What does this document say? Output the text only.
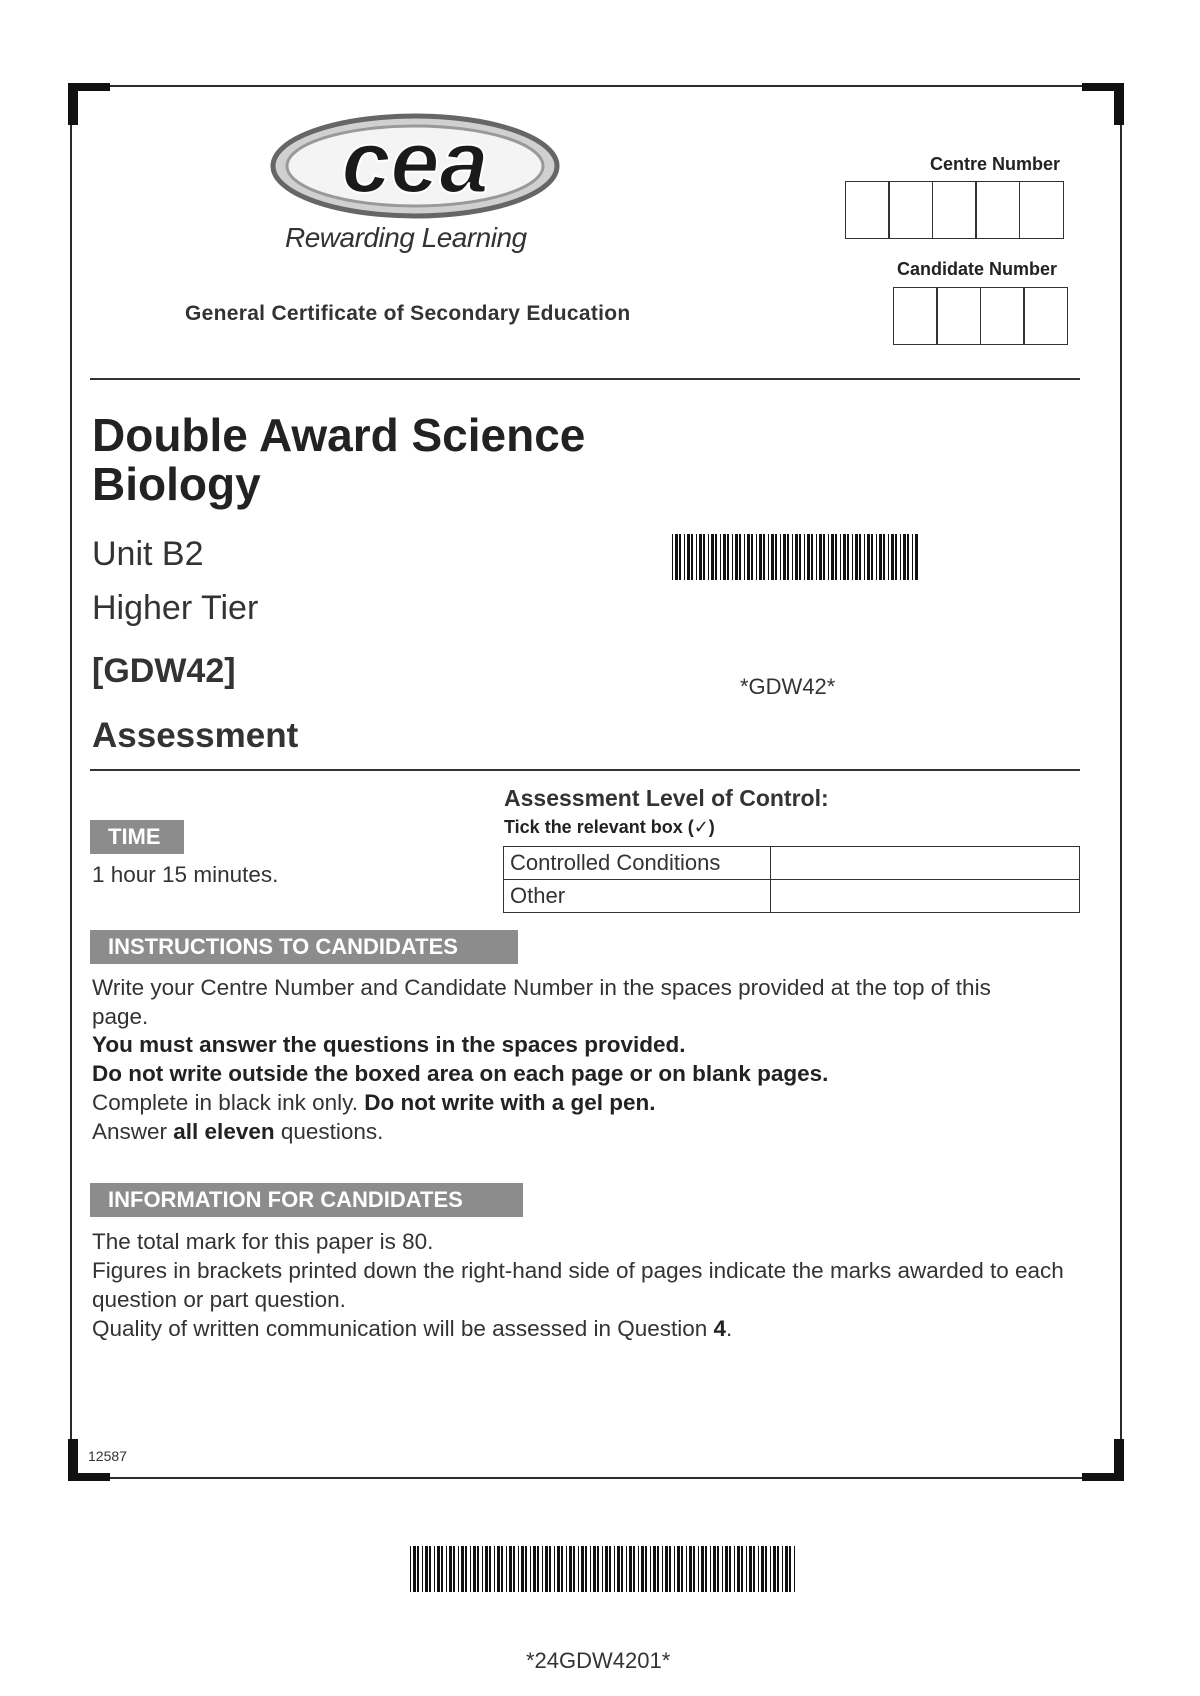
cea
Rewarding Learning
General Certificate of Secondary Education
Centre Number
Candidate Number
Double Award Science
Biology
Unit B2
Higher Tier
[GDW42]
Assessment
*GDW42*
TIME
1 hour 15 minutes.
Assessment Level of Control:
Tick the relevant box (✓)
Controlled Conditions	
Other	
INSTRUCTIONS TO CANDIDATES
Write your Centre Number and Candidate Number in the spaces provided at the top of this page.
You must answer the questions in the spaces provided.
Do not write outside the boxed area on each page or on blank pages.
Complete in black ink only. Do not write with a gel pen.
Answer all eleven questions.
INFORMATION FOR CANDIDATES
The total mark for this paper is 80.
Figures in brackets printed down the right-hand side of pages indicate the marks awarded to each question or part question.
Quality of written communication will be assessed in Question 4.
12587
*24GDW4201*
